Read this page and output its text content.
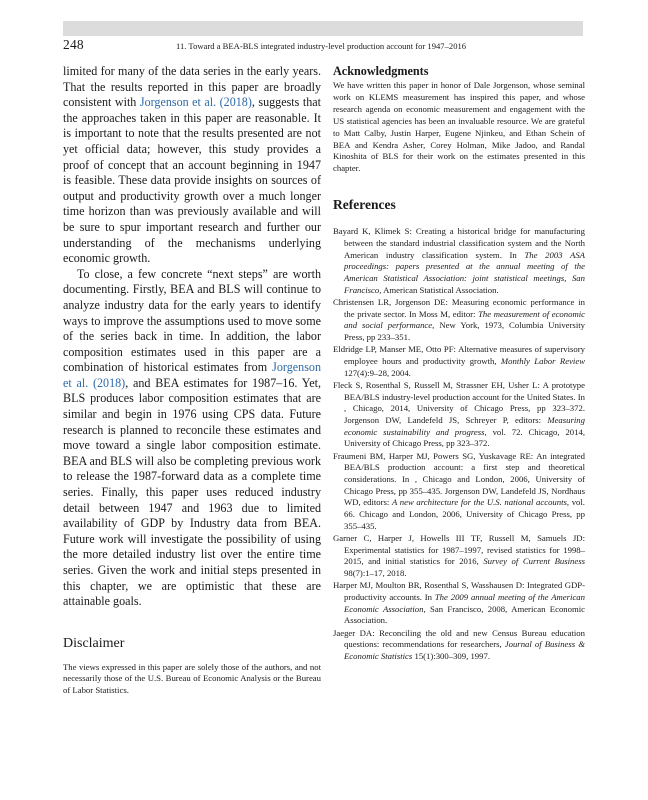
248	11. Toward a BEA-BLS integrated industry-level production account for 1947–2016

limited for many of the data series in the early years. That the results reported in this paper are broadly consistent with Jorgenson et al. (2018), suggests that the approaches taken in this paper are reasonable. It is important to note that the results presented are not yet official data; however, this study provides a proof of concept that an account beginning in 1947 is feasible. These data provide insights on sources of output and productivity growth over a much longer time horizon than was previously available and will be sure to spur important research and further our understanding of the mechanisms underlying economic growth.

To close, a few concrete “next steps” are worth documenting. Firstly, BEA and BLS will continue to analyze industry data for the early years to identify ways to improve the assumptions used to move some of the series back in time. In addition, the labor composition estimates used in this paper are a combination of historical estimates from Jorgenson et al. (2018), and BEA estimates for 1987–16. Yet, BLS produces labor composition estimates that are similar and begin in 1976 using CPS data. Future research is planned to reconcile these estimates and move toward a single labor composition estimate. BEA and BLS will also be completing previous work to release the 1987-forward data as a complete time series. Finally, this paper uses reduced industry detail between 1947 and 1963 due to limited availability of GDP by Industry data from BEA. Future work will investigate the possibility of using the more detailed industry list over the entire time series. Given the work and initial steps presented in this chapter, we are optimistic that these are attainable goals.

Disclaimer

The views expressed in this paper are solely those of the authors, and not necessarily those of the U.S. Bureau of Economic Analysis or the Bureau of Labor Statistics.

Acknowledgments

We have written this paper in honor of Dale Jorgenson, whose seminal work on KLEMS measurement has inspired this paper, and whose research agenda on economic measurement and engagement with the US statistical agencies has been an invaluable resource. We are grateful to Matt Calby, Justin Harper, Eugene Njinkeu, and Ethan Schein of BEA and Kendra Asher, Corey Holman, Mike Jadoo, and Randal Kinoshita of BLS for their work on the estimates presented in this chapter.

References
Bayard K, Klimek S: Creating a historical bridge for manufacturing between the standard industrial classification system and the North American industry classification system. In The 2003 ASA proceedings: papers presented at the annual meeting of the American Statistical Association: joint statistical meetings, San Francisco, American Statistical Association.
Christensen LR, Jorgenson DE: Measuring economic performance in the private sector. In Moss M, editor: The measurement of economic and social performance, New York, 1973, Columbia University Press, pp 233–351.
Eldridge LP, Manser ME, Otto PF: Alternative measures of supervisory employee hours and productivity growth, Monthly Labor Review 127(4):9–28, 2004.
Fleck S, Rosenthal S, Russell M, Strassner EH, Usher L: A prototype BEA/BLS industry-level production account for the United States. In , Chicago, 2014, University of Chicago Press, pp 323–372. Jorgenson DW, Landefeld JS, Schreyer P, editors: Measuring economic sustainability and progress, vol. 72. Chicago, 2014, University of Chicago Press, pp 323–372.
Fraumeni BM, Harper MJ, Powers SG, Yuskavage RE: An integrated BEA/BLS production account: a first step and theoretical considerations. In , Chicago and London, 2006, University of Chicago Press, pp 355–435. Jorgenson DW, Landefeld JS, Nordhaus WD, editors: A new architecture for the U.S. national accounts, vol. 66. Chicago and London, 2006, University of Chicago Press, pp 355–435.
Garner C, Harper J, Howells III TF, Russell M, Samuels JD: Experimental statistics for 1987–1997, revised statistics for 1998–2015, and initial statistics for 2016, Survey of Current Business 98(7):1–17, 2018.
Harper MJ, Moulton BR, Rosenthal S, Wasshausen D: Integrated GDP-productivity accounts. In The 2009 annual meeting of the American Economic Association, San Francisco, 2008, American Economic Association.
Jaeger DA: Reconciling the old and new Census Bureau education questions: recommendations for researchers, Journal of Business & Economic Statistics 15(1):300–309, 1997.
